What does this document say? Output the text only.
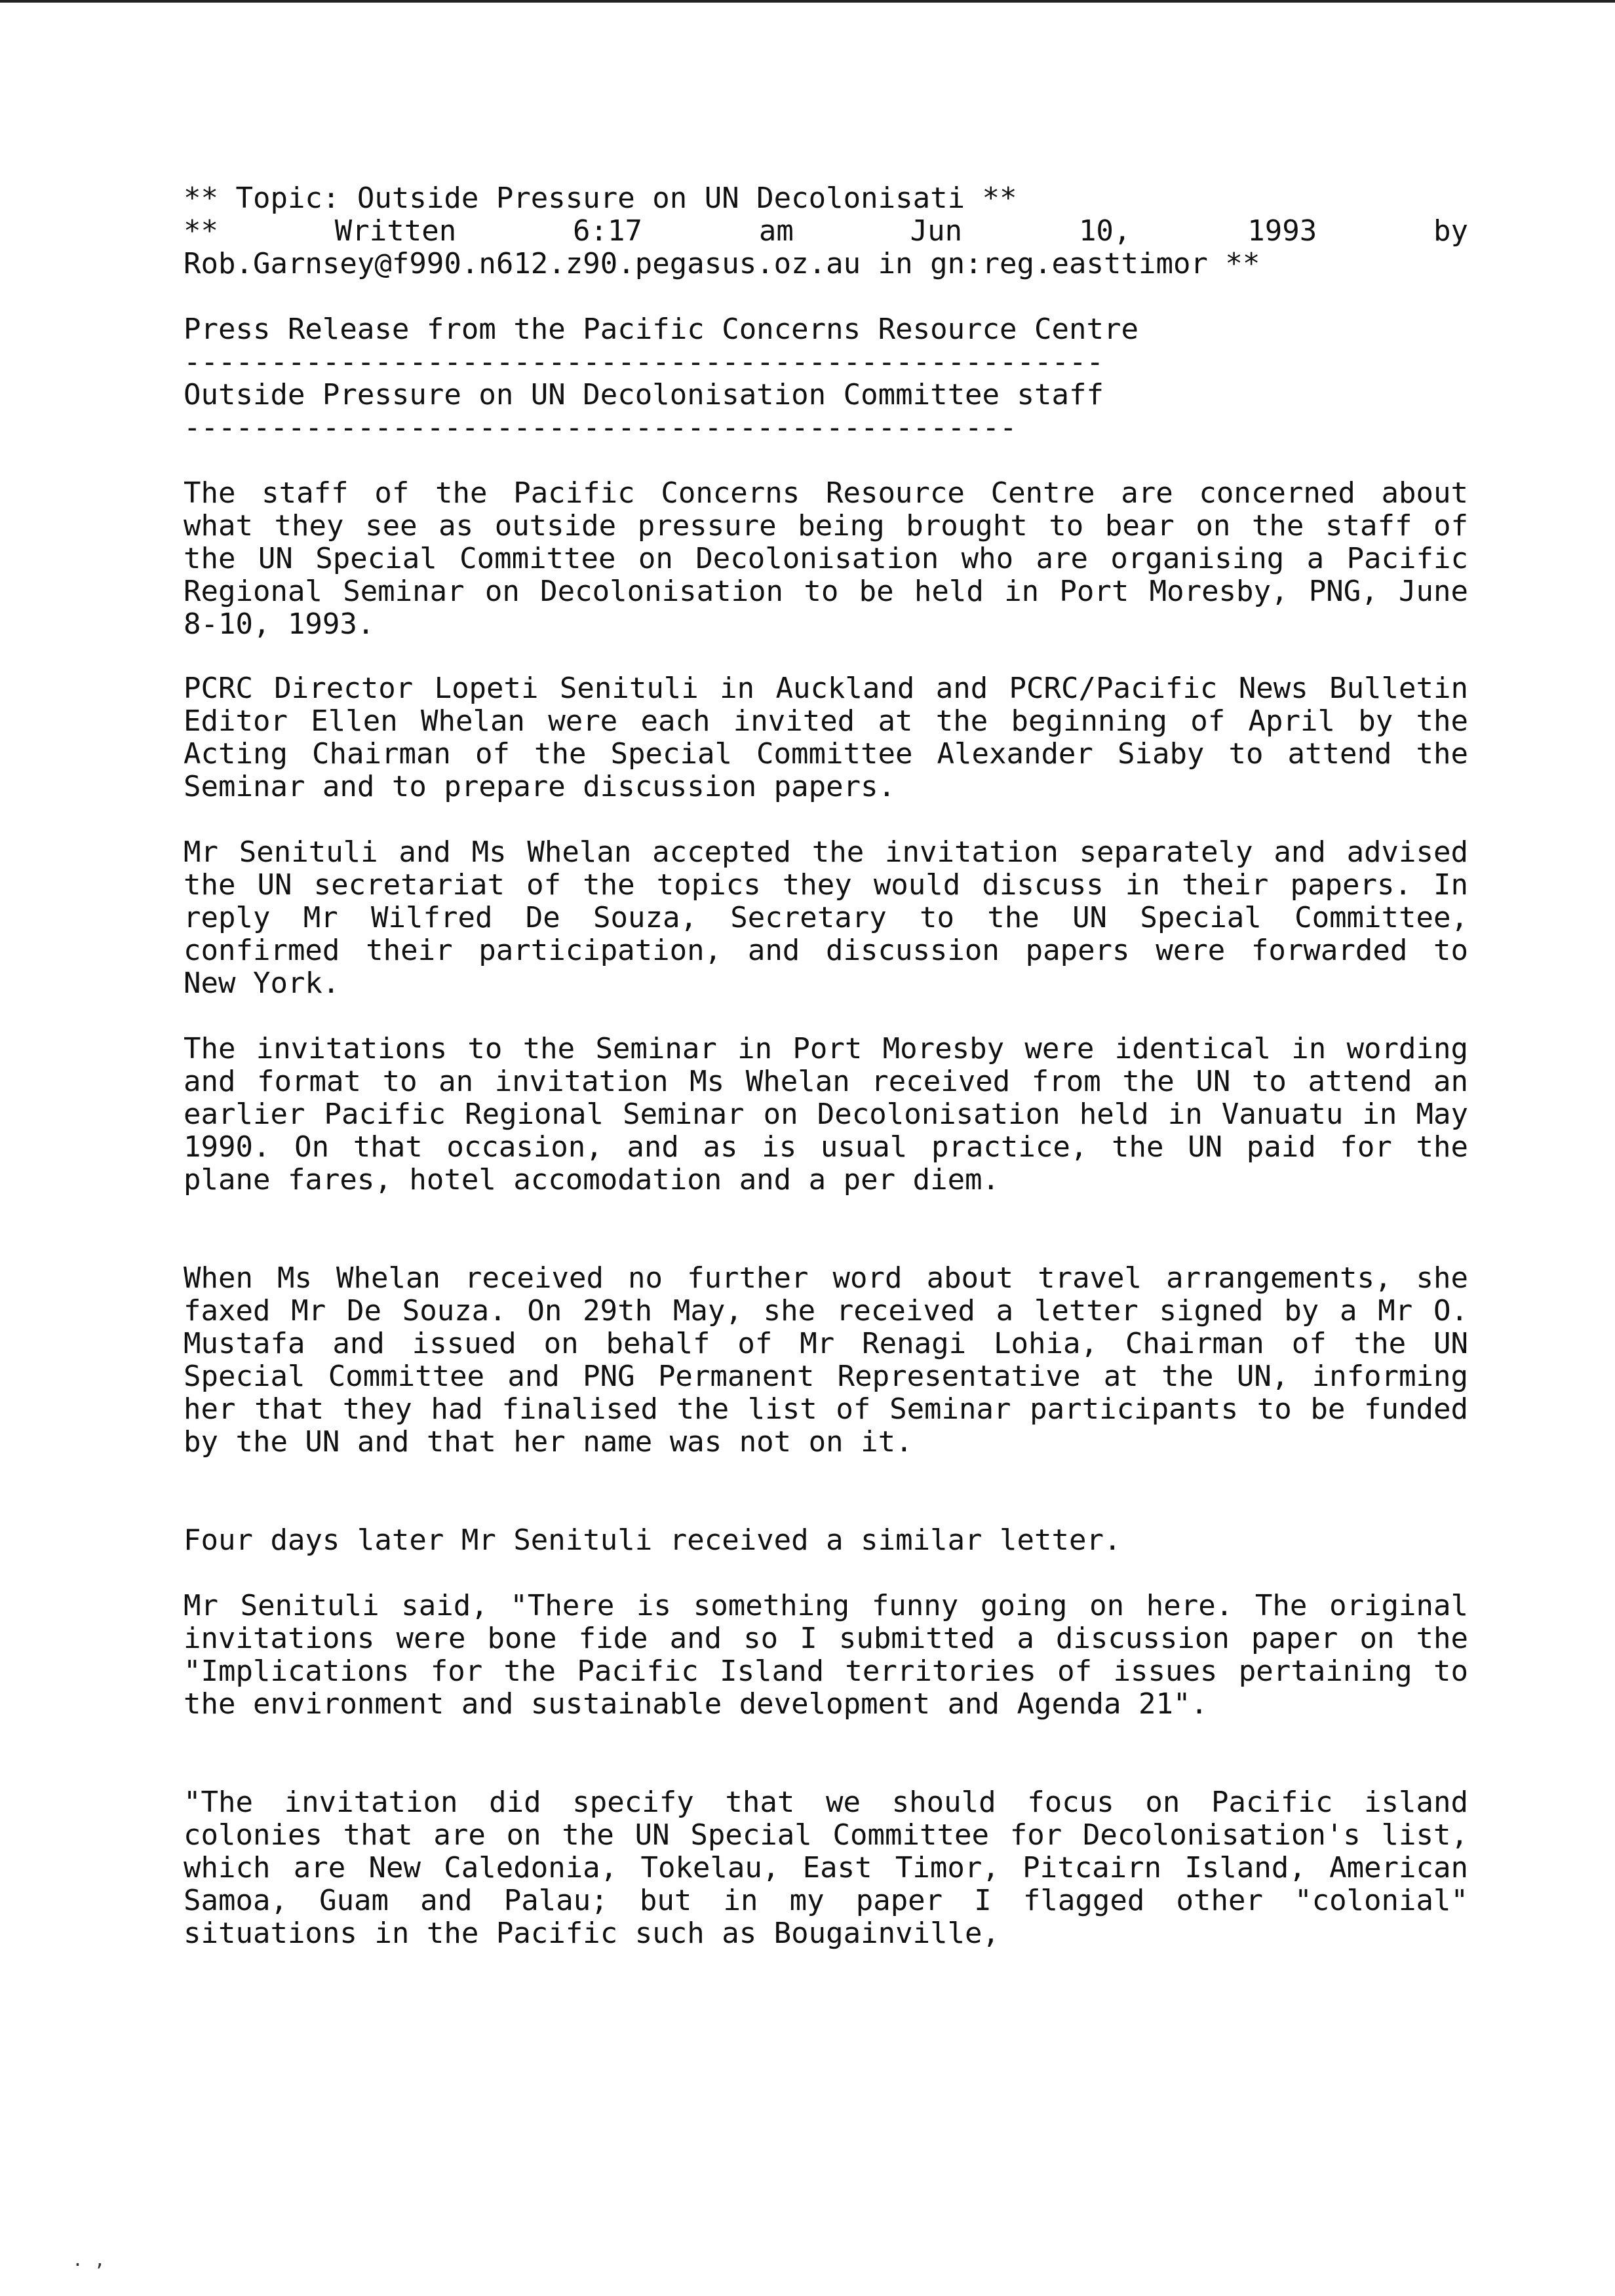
** Topic: Outside Pressure on UN Decolonisati **
** Written 6:17 am Jun 10, 1993 by
Rob.Garnsey@f990.n612.z90.pegasus.oz.au in gn:reg.easttimor **
Press Release from the Pacific Concerns Resource Centre
-----------------------------------------------------
Outside Pressure on UN Decolonisation Committee staff
------------------------------------------------
The staff of the Pacific Concerns Resource Centre are concerned about what they see as outside pressure being brought to bear on the staff of the UN Special Committee on Decolonisation who are organising a Pacific Regional Seminar on Decolonisation to be held in Port Moresby, PNG, June 8-10, 1993.
PCRC Director Lopeti Senituli in Auckland and PCRC/Pacific News Bulletin Editor Ellen Whelan were each invited at the beginning of April by the Acting Chairman of the Special Committee Alexander Siaby to attend the Seminar and to prepare discussion papers.
Mr Senituli and Ms Whelan accepted the invitation separately and advised the UN secretariat of the topics they would discuss in their papers. In reply Mr Wilfred De Souza, Secretary to the UN Special Committee, confirmed their participation, and discussion papers were forwarded to New York.
The invitations to the Seminar in Port Moresby were identical in wording and format to an invitation Ms Whelan received from the UN to attend an earlier Pacific Regional Seminar on Decolonisation held in Vanuatu in May 1990. On that occasion, and as is usual practice, the UN paid for the plane fares, hotel accomodation and a per diem.
When Ms Whelan received no further word about travel arrangements, she faxed Mr De Souza. On 29th May, she received a letter signed by a Mr O. Mustafa and issued on behalf of Mr Renagi Lohia, Chairman of the UN Special Committee and PNG Permanent Representative at the UN, informing her that they had finalised the list of Seminar participants to be funded by the UN and that her name was not on it.
Four days later Mr Senituli received a similar letter.
Mr Senituli said, "There is something funny going on here. The original invitations were bone fide and so I submitted a discussion paper on the "Implications for the Pacific Island territories of issues pertaining to the environment and sustainable development and Agenda 21".
"The invitation did specify that we should focus on Pacific island colonies that are on the UN Special Committee for Decolonisation's list, which are New Caledonia, Tokelau, East Timor, Pitcairn Island, American Samoa, Guam and Palau; but in my paper I flagged other "colonial" situations in the Pacific such as Bougainville,
. ,
